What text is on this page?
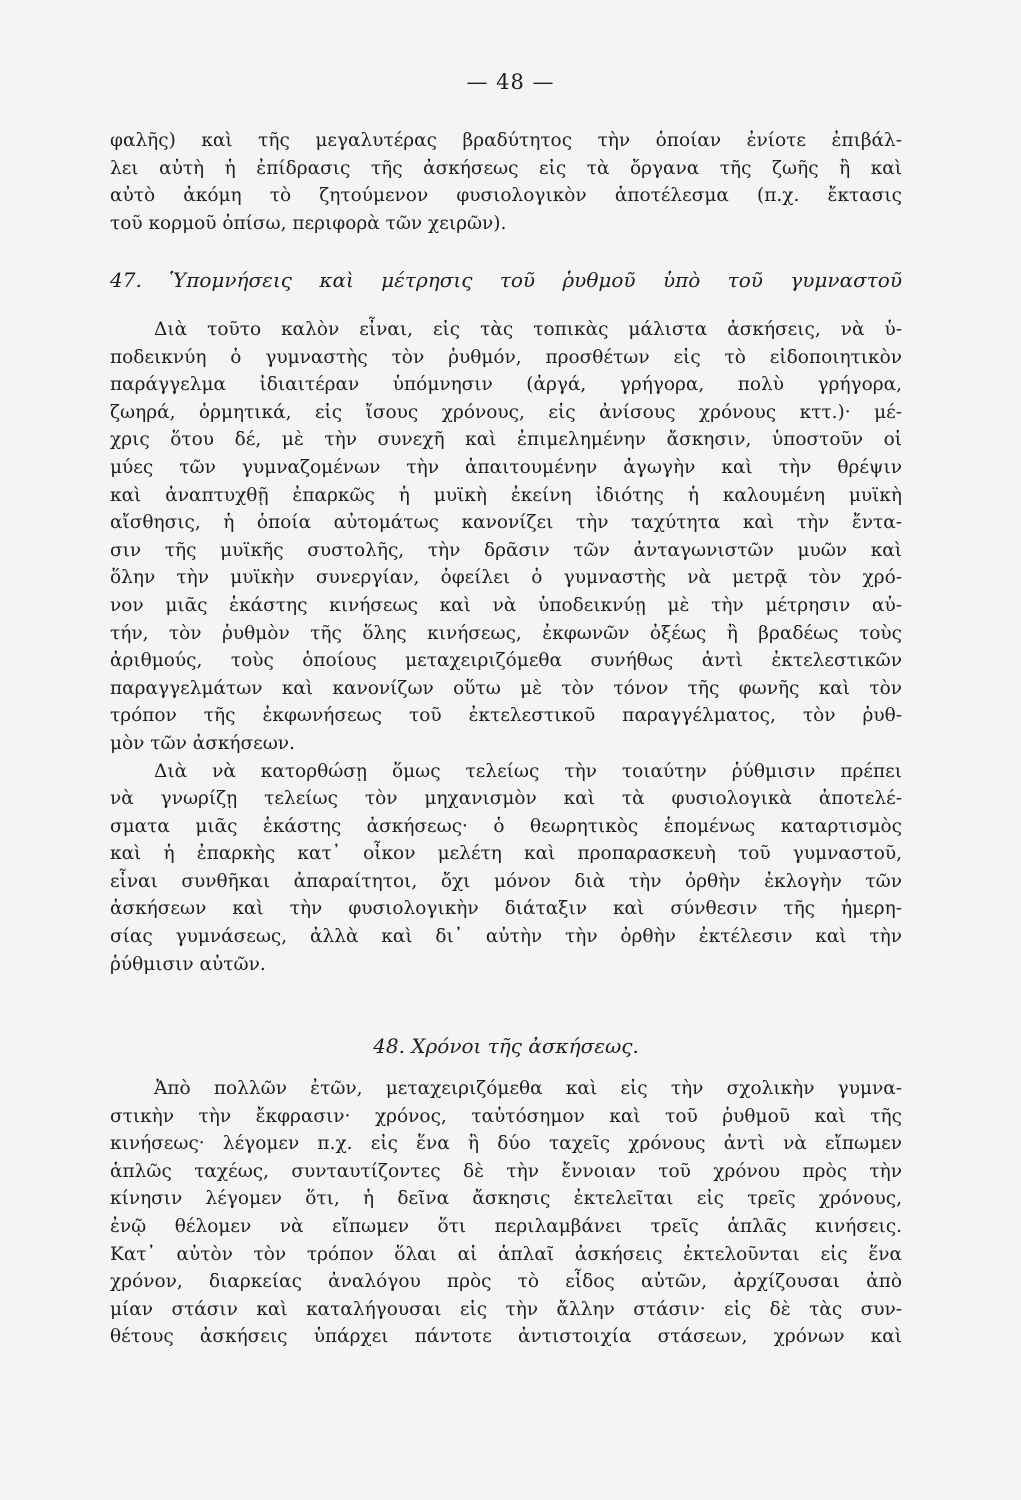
— 48 —
φαλῆς) καὶ τῆς μεγαλυτέρας βραδύτητος τὴν ὁποίαν ἐνίοτε ἐπιβάλ-
λει αὐτὴ ἡ ἐπίδρασις τῆς ἀσκήσεως εἰς τὰ ὄργανα τῆς ζωῆς ἢ καὶ
αὐτὸ ἀκόμη τὸ ζητούμενον φυσιολογικὸν ἀποτέλεσμα (π.χ. ἔκτασις
τοῦ κορμοῦ ὀπίσω, περιφορὰ τῶν χειρῶν).
47. Ὑπομνήσεις καὶ μέτρησις τοῦ ῥυθμοῦ ὑπὸ τοῦ γυμναστοῦ
Διὰ τοῦτο καλὸν εἶναι, εἰς τὰς τοπικὰς μάλιστα ἀσκήσεις, νὰ ὑ-
ποδεικνύη ὁ γυμναστὴς τὸν ῥυθμόν, προσθέτων εἰς τὸ εἰδοποιητικὸν
παράγγελμα ἰδιαιτέραν ὑπόμνησιν (ἀργά, γρήγορα, πολὺ γρήγορα,
ζωηρά, ὁρμητικά, εἰς ἴσους χρόνους, εἰς ἀνίσους χρόνους κττ.)· μέ-
χρις ὅτου δέ, μὲ τὴν συνεχῆ καὶ ἐπιμελημένην ἄσκησιν, ὑποστοῦν οἱ
μύες τῶν γυμναζομένων τὴν ἀπαιτουμένην ἀγωγὴν καὶ τὴν θρέψιν
καὶ ἀναπτυχθῇ ἐπαρκῶς ἡ μυϊκὴ ἐκείνη ἰδιότης ἡ καλουμένη μυϊκὴ
αἴσθησις, ἡ ὁποία αὐτομάτως κανονίζει τὴν ταχύτητα καὶ τὴν ἔντα-
σιν τῆς μυϊκῆς συστολῆς, τὴν δρᾶσιν τῶν ἀνταγωνιστῶν μυῶν καὶ
ὅλην τὴν μυϊκὴν συνεργίαν, ὀφείλει ὁ γυμναστὴς νὰ μετρᾷ τὸν χρό-
νον μιᾶς ἑκάστης κινήσεως καὶ νὰ ὑποδεικνύῃ μὲ τὴν μέτρησιν αὐ-
τήν, τὸν ῥυθμὸν τῆς ὅλης κινήσεως, ἐκφωνῶν ὀξέως ἢ βραδέως τοὺς
ἀριθμούς, τοὺς ὁποίους μεταχειριζόμεθα συνήθως ἀντὶ ἐκτελεστικῶν
παραγγελμάτων καὶ κανονίζων οὕτω μὲ τὸν τόνον τῆς φωνῆς καὶ τὸν
τρόπον τῆς ἐκφωνήσεως τοῦ ἐκτελεστικοῦ παραγγέλματος, τὸν ῥυθ-
μὸν τῶν ἀσκήσεων.
Διὰ νὰ κατορθώσῃ ὅμως τελείως τὴν τοιαύτην ῥύθμισιν πρέπει
νὰ γνωρίζῃ τελείως τὸν μηχανισμὸν καὶ τὰ φυσιολογικὰ ἀποτελέ-
σματα μιᾶς ἑκάστης ἀσκήσεως· ὁ θεωρητικὸς ἑπομένως καταρτισμὸς
καὶ ἡ ἐπαρκὴς κατ᾽ οἶκον μελέτη καὶ προπαρασκευὴ τοῦ γυμναστοῦ,
εἶναι συνθῆκαι ἀπαραίτητοι, ὄχι μόνον διὰ τὴν ὀρθὴν ἐκλογὴν τῶν
ἀσκήσεων καὶ τὴν φυσιολογικὴν διάταξιν καὶ σύνθεσιν τῆς ἡμερη-
σίας γυμνάσεως, ἀλλὰ καὶ δι᾽ αὐτὴν τὴν ὀρθὴν ἐκτέλεσιν καὶ τὴν
ῥύθμισιν αὐτῶν.
48. Χρόνοι τῆς ἀσκήσεως.
Ἀπὸ πολλῶν ἐτῶν, μεταχειριζόμεθα καὶ εἰς τὴν σχολικὴν γυμνα-
στικὴν τὴν ἔκφρασιν· χρόνος, ταὐτόσημον καὶ τοῦ ῥυθμοῦ καὶ τῆς
κινήσεως· λέγομεν π.χ. εἰς ἕνα ἢ δύο ταχεῖς χρόνους ἀντὶ νὰ εἴπωμεν
ἁπλῶς ταχέως, συνταυτίζοντες δὲ τὴν ἔννοιαν τοῦ χρόνου πρὸς τὴν
κίνησιν λέγομεν ὅτι, ἡ δεῖνα ἄσκησις ἐκτελεῖται εἰς τρεῖς χρόνους,
ἐνῷ θέλομεν νὰ εἴπωμεν ὅτι περιλαμβάνει τρεῖς ἁπλᾶς κινήσεις.
Κατ᾽ αὐτὸν τὸν τρόπον ὅλαι αἱ ἁπλαῖ ἀσκήσεις ἐκτελοῦνται εἰς ἕνα
χρόνον, διαρκείας ἀναλόγου πρὸς τὸ εἶδος αὐτῶν, ἀρχίζουσαι ἀπὸ
μίαν στάσιν καὶ καταλήγουσαι εἰς τὴν ἄλλην στάσιν· εἰς δὲ τὰς συν-
θέτους ἀσκήσεις ὑπάρχει πάντοτε ἀντιστοιχία στάσεων, χρόνων καὶ
